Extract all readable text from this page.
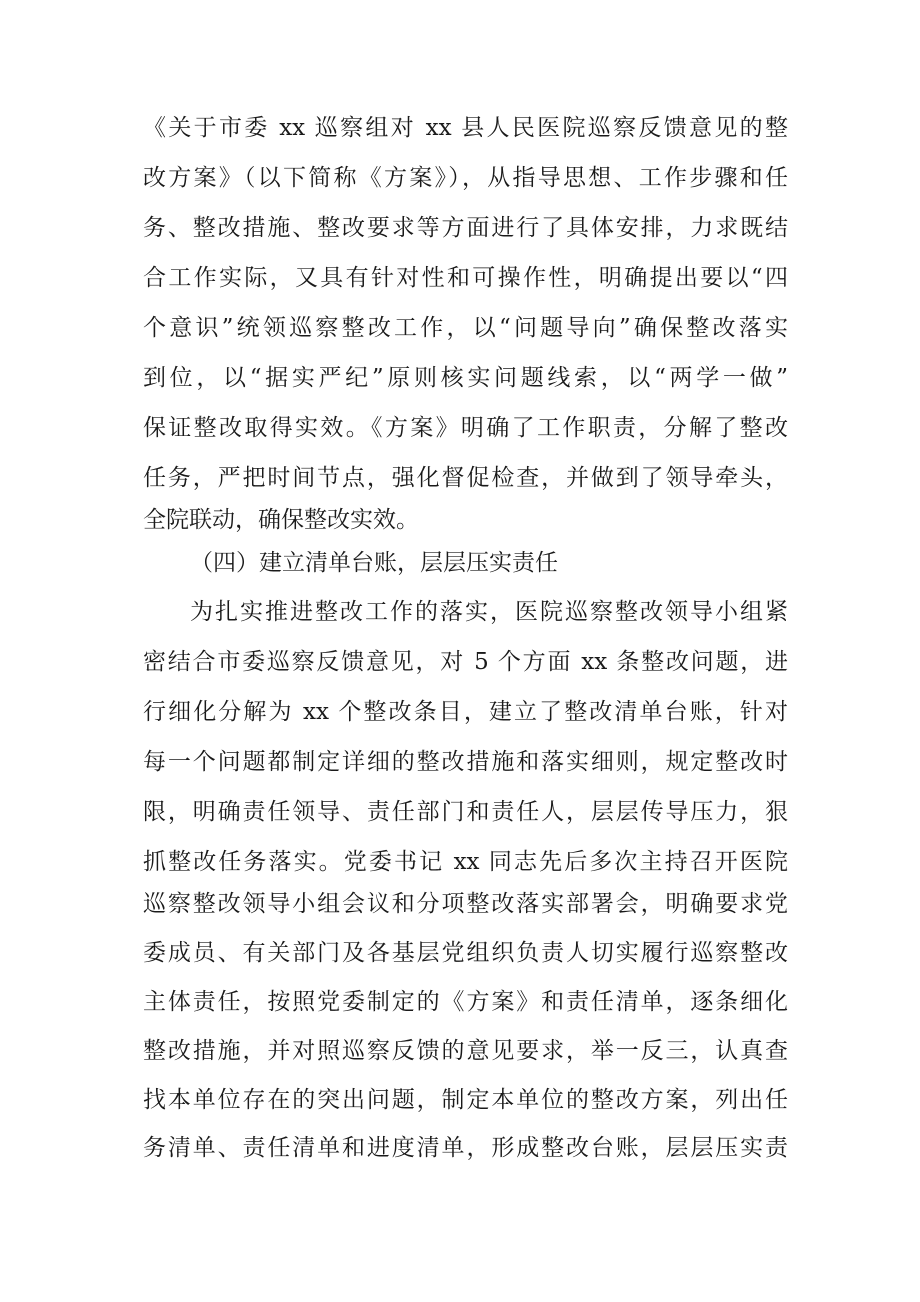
《关于市委 xx 巡察组对 xx 县人民医院巡察反馈意见的整
改方案》（以下简称《方案》），从指导思想、工作步骤和任
务、整改措施、整改要求等方面进行了具体安排，力求既结
合工作实际，又具有针对性和可操作性，明确提出要以“四
个意识”统领巡察整改工作，以“问题导向”确保整改落实
到位，以“据实严纪”原则核实问题线索，以“两学一做”
保证整改取得实效。《方案》明确了工作职责，分解了整改
任务，严把时间节点，强化督促检查，并做到了领导牵头，
全院联动，确保整改实效。
（四）建立清单台账，层层压实责任
为扎实推进整改工作的落实，医院巡察整改领导小组紧
密结合市委巡察反馈意见，对 5 个方面 xx 条整改问题，进
行细化分解为 xx 个整改条目，建立了整改清单台账，针对
每一个问题都制定详细的整改措施和落实细则，规定整改时
限，明确责任领导、责任部门和责任人，层层传导压力，狠
抓整改任务落实。党委书记 xx 同志先后多次主持召开医院
巡察整改领导小组会议和分项整改落实部署会，明确要求党
委成员、有关部门及各基层党组织负责人切实履行巡察整改
主体责任，按照党委制定的《方案》和责任清单，逐条细化
整改措施，并对照巡察反馈的意见要求，举一反三，认真查
找本单位存在的突出问题，制定本单位的整改方案，列出任
务清单、责任清单和进度清单，形成整改台账，层层压实责
